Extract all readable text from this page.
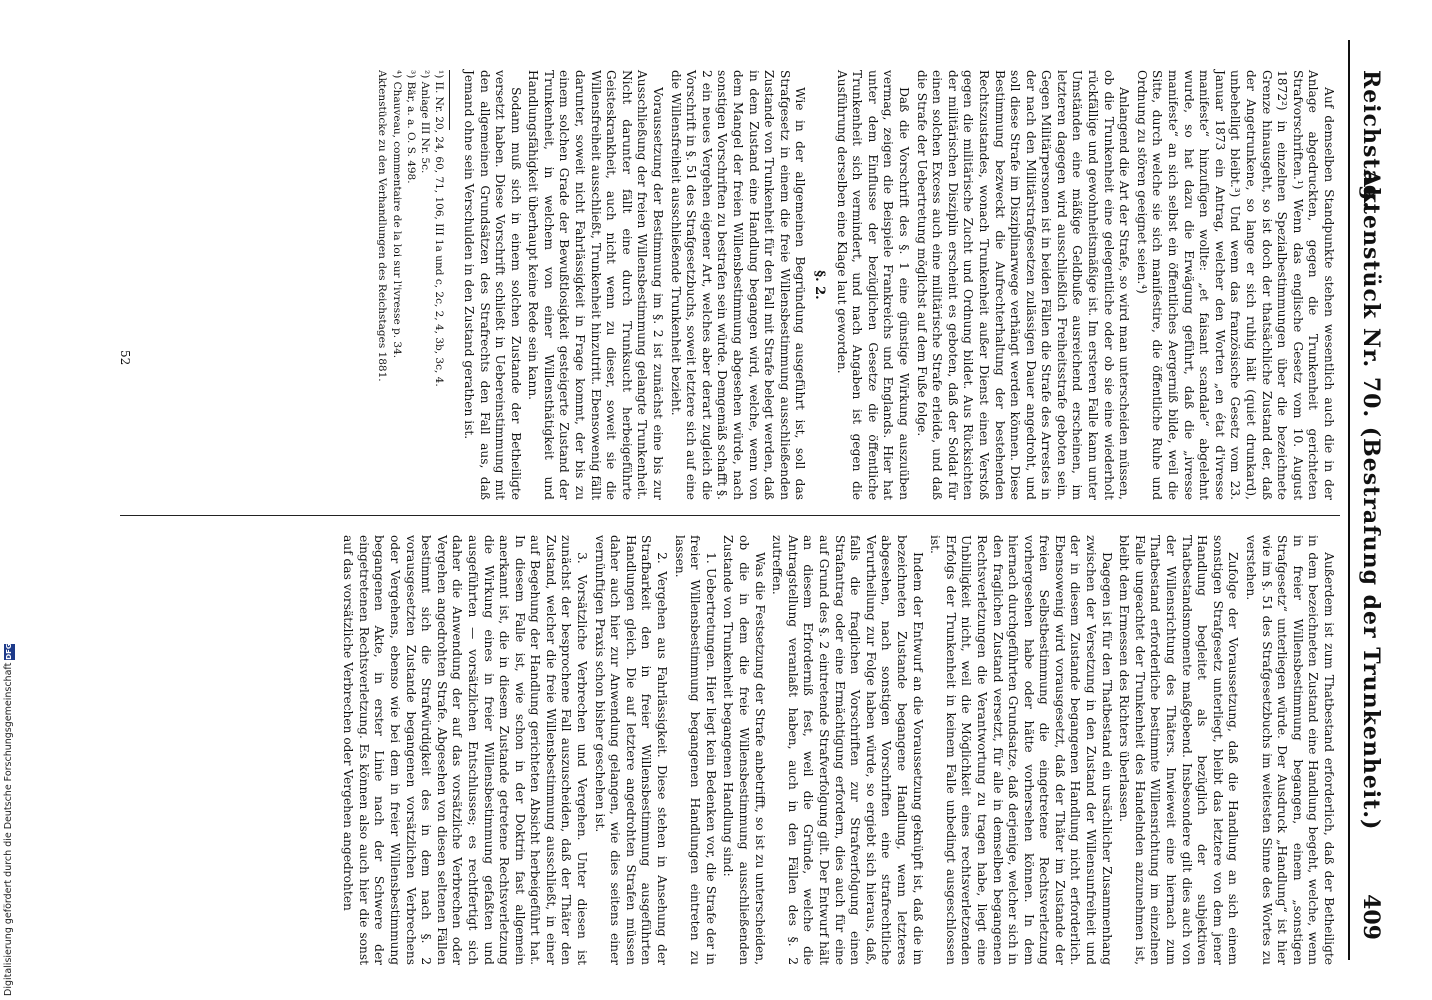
Reichstag.
Aktenstück Nr. 70. (Bestrafung der Trunkenheit.)
409

Auf demselben Standpunkte stehen wesentlich auch die in der Anlage abgedruckten, gegen die Trunkenheit gerichteten Strafvorschriften.¹) Wenn das englische Gesetz vom 10. August 1872²) in einzelnen Spezialbestimmungen über die bezeichnete Grenze hinausgeht, so ist doch der thatsächliche Zustand der, daß der Angetrunkene, so lange er sich ruhig hält (quiet drunkard), unbehelligt bleibt.³) Und wenn das französische Gesetz vom 23. Januar 1873 ein Antrag, welcher den Worten „en état d'ivresse manifeste“ hinzufügen wollte: „et faisant scandale“ abgelehnt wurde, so hat dazu die Erwägung geführt, daß die „ivresse manifeste“ an sich selbst ein öffentliches Aergerniß bilde, weil die Sitte, durch welche sie sich manifestire, die öffentliche Ruhe und Ordnung zu stören geeignet seien.⁴)

Anlangend die Art der Strafe, so wird man unterscheiden müssen, ob die Trunkenheit eine gelegentliche oder ob sie eine wiederholt rückfällige und gewohnheitsmäßige ist. Im ersteren Falle kann unter Umständen eine mäßige Geldbuße ausreichend erscheinen, im letzteren dagegen wird ausschließlich Freiheitsstrafe geboten sein. Gegen Militärpersonen ist in beiden Fällen die Strafe des Arrestes in der nach den Militärstrafgesetzen zulässigen Dauer angedroht, und soll diese Strafe im Disziplinarwege verhängt werden können. Diese Bestimmung bezweckt die Aufrechterhaltung der bestehenden Rechtszustandes, wonach Trunkenheit außer Dienst einen Verstoß gegen die militärische Zucht und Ordnung bildet. Aus Rücksichten der militärischen Disziplin erscheint es geboten, daß der Soldat für einen solchen Excess auch eine militärische Strafe erleide, und daß die Strafe der Uebertretung möglichst auf dem Fuße folge.

Daß die Vorschrift des §. 1 eine günstige Wirkung auszuüben vermag, zeigen die Beispiele Frankreichs und Englands. Hier hat unter dem Einflusse der bezüglichen Gesetze die öffentliche Trunkenheit sich vermindert, und nach Angaben ist gegen die Ausführung derselben eine Klage laut geworden.

§. 2.

Wie in der allgemeinen Begründung ausgeführt ist, soll das Strafgesetz in einem die freie Willensbestimmung ausschließenden Zustande von Trunkenheit für den Fall mit Strafe belegt werden, daß in dem Zustand eine Handlung begangen wird, welche, wenn von dem Mangel der freien Willensbestimmung abgesehen würde, nach sonstigen Vorschriften zu bestrafen sein würde. Demgemäß schafft §. 2 ein neues Vergehen eigener Art, welches aber derart zugleich die Vorschrift in §. 51 des Strafgesetzbuchs, soweit letztere sich auf eine die Willensfreiheit ausschließende Trunkenheit bezieht.

Voraussetzung der Bestimmung im §. 2 ist zunächst eine bis zur Ausschließung der freien Willensbestimmung gelangte Trunkenheit. Nicht darunter fällt eine durch Trunksucht herbeigeführte Geisteskrankheit, auch nicht wenn zu dieser, soweit sie die Willensfreiheit ausschließt, Trunkenheit hinzutritt. Ebensowenig fällt darunter, soweit nicht Fahrlässigkeit in Frage kommt, der bis zu einem solchen Grade der Bewußtlosigkeit gesteigerte Zustand der Trunkenheit, in welchem von einer Willensthätigkeit und Handlungsfähigkeit überhaupt keine Rede sein kann.

Sodann muß sich in einem solchen Zustande der Betheiligte versetzt haben. Diese Vorschrift schließt in Uebereinstimmung mit den allgemeinen Grundsätzen des Strafrechts den Fall aus, daß Jemand ohne sein Verschulden in den Zustand gerathen ist.

¹) II. Nr. 20, 24, 60, 71, 106, III 1a und c, 2c, 2, 4, 3b, 3c, 4.
²) Anlage III Nr. 5c.
³) Bär, a. a. O. S. 498.
⁴) Chauveau, commentaire de la loi sur l'ivresse p. 34.
Aktenstücke zu den Verhandlungen des Reichstages 1881.

Außerdem ist zum Thatbestand erforderlich, daß der Betheiligte in dem bezeichneten Zustand eine Handlung begeht, welche, wenn in freier Willensbestimmung begangen, einem „sonstigen Strafgesetz“ unterliegen würde. Der Ausdruck „Handlung“ ist hier wie im §. 51 des Strafgesetzbuchs im weitesten Sinne des Wortes zu verstehen.

Zufolge der Voraussetzung, daß die Handlung an sich einem sonstigen Strafgesetz unterliegt, bleibt das letztere von dem jener Handlung begleitet als bezüglich der subjektiven Thatbestandsmomente maßgebend. Insbesondere gilt dies auch von der Willensrichtung des Thäters. Inwieweit eine hiernach zum Thatbestand erforderliche bestimmte Willensrichtung im einzelnen Falle ungeachtet der Trunkenheit des Handelnden anzunehmen ist, bleibt dem Ermessen des Richters überlassen.

Dagegen ist für den Thatbestand ein ursächlicher Zusammenhang zwischen der Versetzung in den Zustand der Willensunfreiheit und der in diesem Zustande begangenen Handlung nicht erforderlich. Ebensowenig wird vorausgesetzt, daß der Thäter im Zustande der freien Selbstbestimmung die eingetretene Rechtsverletzung vorhergesehen habe oder hätte vorhersehen können. In dem hiernach durchgeführten Grundsatze, daß derjenige, welcher sich in den fraglichen Zustand versetzt, für alle in demselben begangenen Rechtsverletzungen die Verantwortung zu tragen habe, liegt eine Unbilligkeit nicht, weil die Möglichkeit eines rechtsverletzenden Erfolgs der Trunkenheit in keinem Falle unbedingt ausgeschlossen ist.

Indem der Entwurf an die Voraussetzung geknüpft ist, daß die im bezeichneten Zustande begangene Handlung, wenn letzteres abgesehen, nach sonstigen Vorschriften eine strafrechtliche Verurtheilung zur Folge haben würde, so ergiebt sich hieraus, daß, falls die fraglichen Vorschriften zur Strafverfolgung einen Strafantrag oder eine Ermächtigung erfordern, dies auch für eine auf Grund des §. 2 eintretende Strafverfolgung gilt. Der Entwurf hält an diesem Erforderniß fest, weil die Gründe, welche die Antragstellung veranlaßt haben, auch in den Fällen des §. 2 zutreffen.

Was die Festsetzung der Strafe anbetrifft, so ist zu unterscheiden, ob die in dem die freie Willensbestimmung ausschließenden Zustande von Trunkenheit begangenen Handlung sind:

1. Uebertretungen. Hier liegt kein Bedenken vor, die Strafe der in freier Willensbestimmung begangenen Handlungen eintreten zu lassen.

2. Vergehen aus Fahrlässigkeit. Diese stehen in Ansehung der Strafbarkeit den in freier Willensbestimmung ausgeführten Handlungen gleich. Die auf letztere angedrohten Strafen müssen daher auch hier zur Anwendung gelangen, wie dies seitens einer vernünftigen Praxis schon bisher geschehen ist.

3. Vorsätzliche Verbrechen und Vergehen. Unter diesen ist zunächst der besprochene Fall auszuscheiden, daß der Thäter den Zustand, welcher die freie Willensbestimmung ausschließt, in einer auf Begehung der Handlung gerichteten Absicht herbeigeführt hat. In diesem Falle ist, wie schon in der Doktrin fast allgemein anerkannt ist, die in diesem Zustande getretene Rechtsverletzung die Wirkung eines in freier Willensbestimmung gefaßten und ausgeführten — vorsätzlichen Entschlusses; es rechtfertigt sich daher die Anwendung der auf das vorsätzliche Verbrechen oder Vergehen angedrohten Strafe. Abgesehen von diesen seltenen Fällen bestimmt sich die Strafwürdigkeit des in dem nach §. 2 vorausgesetzten Zustande begangenen vorsätzlichen Verbrechens oder Vergehens, ebenso wie bei dem in freier Willensbestimmung begangenen Akte, in erster Linie nach der Schwere der eingetretenen Rechtsverletzung. Es können also auch hier die sonst auf das vorsätzliche Verbrechen oder Vergehen angedrohten

52
Digitalisierung gefördert durch die Deutsche Forschungsgemeinschaft
DFG
